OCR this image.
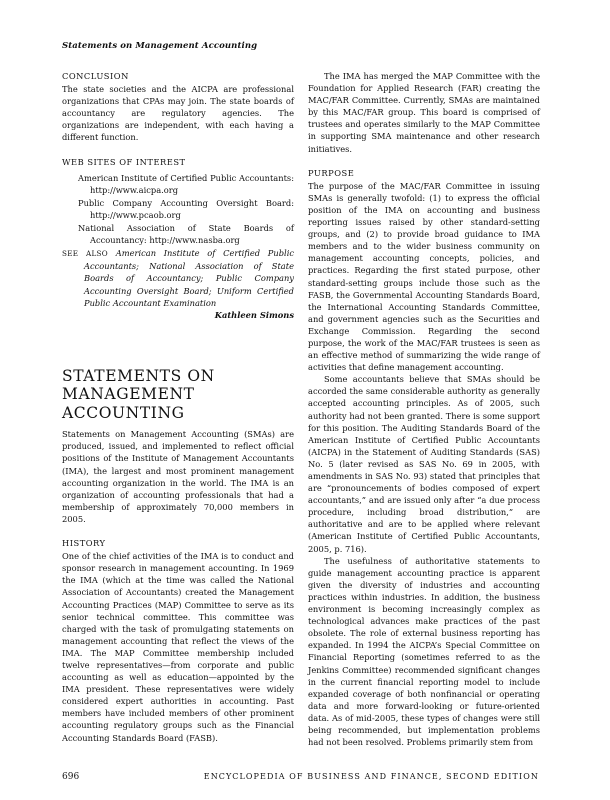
Statements on Management Accounting
CONCLUSION

The state societies and the AICPA are professional organizations that CPAs may join. The state boards of accountancy are regulatory agencies. The organizations are independent, with each having a different function.

WEB SITES OF INTEREST
American Institute of Certified Public Accountants: http://www.aicpa.org
Public Company Accounting Oversight Board: http://www.pcaob.org
National Association of State Boards of Accountancy: http://www.nasba.org

SEE ALSO American Institute of Certified Public Accountants; National Association of State Boards of Accountancy; Public Company Accounting Oversight Board; Uniform Certified Public Accountant Examination

Kathleen Simons

STATEMENTS ON MANAGEMENT ACCOUNTING

Statements on Management Accounting (SMAs) are produced, issued, and implemented to reflect official positions of the Institute of Management Accountants (IMA), the largest and most prominent management accounting organization in the world. The IMA is an organization of accounting professionals that had a membership of approximately 70,000 members in 2005.

HISTORY

One of the chief activities of the IMA is to conduct and sponsor research in management accounting. In 1969 the IMA (which at the time was called the National Association of Accountants) created the Management Accounting Practices (MAP) Committee to serve as its senior technical committee. This committee was charged with the task of promulgating statements on management accounting that reflect the views of the IMA. The MAP Committee membership included twelve representatives—from corporate and public accounting as well as education—appointed by the IMA president. These representatives were widely considered expert authorities in accounting. Past members have included members of other prominent accounting regulatory groups such as the Financial Accounting Standards Board (FASB).

The IMA has merged the MAP Committee with the Foundation for Applied Research (FAR) creating the MAC/FAR Committee. Currently, SMAs are maintained by this MAC/FAR group. This board is comprised of trustees and operates similarly to the MAP Committee in supporting SMA maintenance and other research initiatives.

PURPOSE

The purpose of the MAC/FAR Committee in issuing SMAs is generally twofold: (1) to express the official position of the IMA on accounting and business reporting issues raised by other standard-setting groups, and (2) to provide broad guidance to IMA members and to the wider business community on management accounting concepts, policies, and practices. Regarding the first stated purpose, other standard-setting groups include those such as the FASB, the Governmental Accounting Standards Board, the International Accounting Standards Committee, and government agencies such as the Securities and Exchange Commission. Regarding the second purpose, the work of the MAC/FAR trustees is seen as an effective method of summarizing the wide range of activities that define management accounting.

Some accountants believe that SMAs should be accorded the same considerable authority as generally accepted accounting principles. As of 2005, such authority had not been granted. There is some support for this position. The Auditing Standards Board of the American Institute of Certified Public Accountants (AICPA) in the Statement of Auditing Standards (SAS) No. 5 (later revised as SAS No. 69 in 2005, with amendments in SAS No. 93) stated that principles that are “pronouncements of bodies composed of expert accountants,” and are issued only after “a due process procedure, including broad distribution,” are authoritative and are to be applied where relevant (American Institute of Certified Public Accountants, 2005, p. 716).

The usefulness of authoritative statements to guide management accounting practice is apparent given the diversity of industries and accounting practices within industries. In addition, the business environment is becoming increasingly complex as technological advances make practices of the past obsolete. The role of external business reporting has expanded. In 1994 the AICPA’s Special Committee on Financial Reporting (sometimes referred to as the Jenkins Committee) recommended significant changes in the current financial reporting model to include expanded coverage of both nonfinancial or operating data and more forward-looking or future-oriented data. As of mid-2005, these types of changes were still being recommended, but implementation problems had not been resolved. Problems primarily stem from

696	ENCYCLOPEDIA OF BUSINESS AND FINANCE, SECOND EDITION
